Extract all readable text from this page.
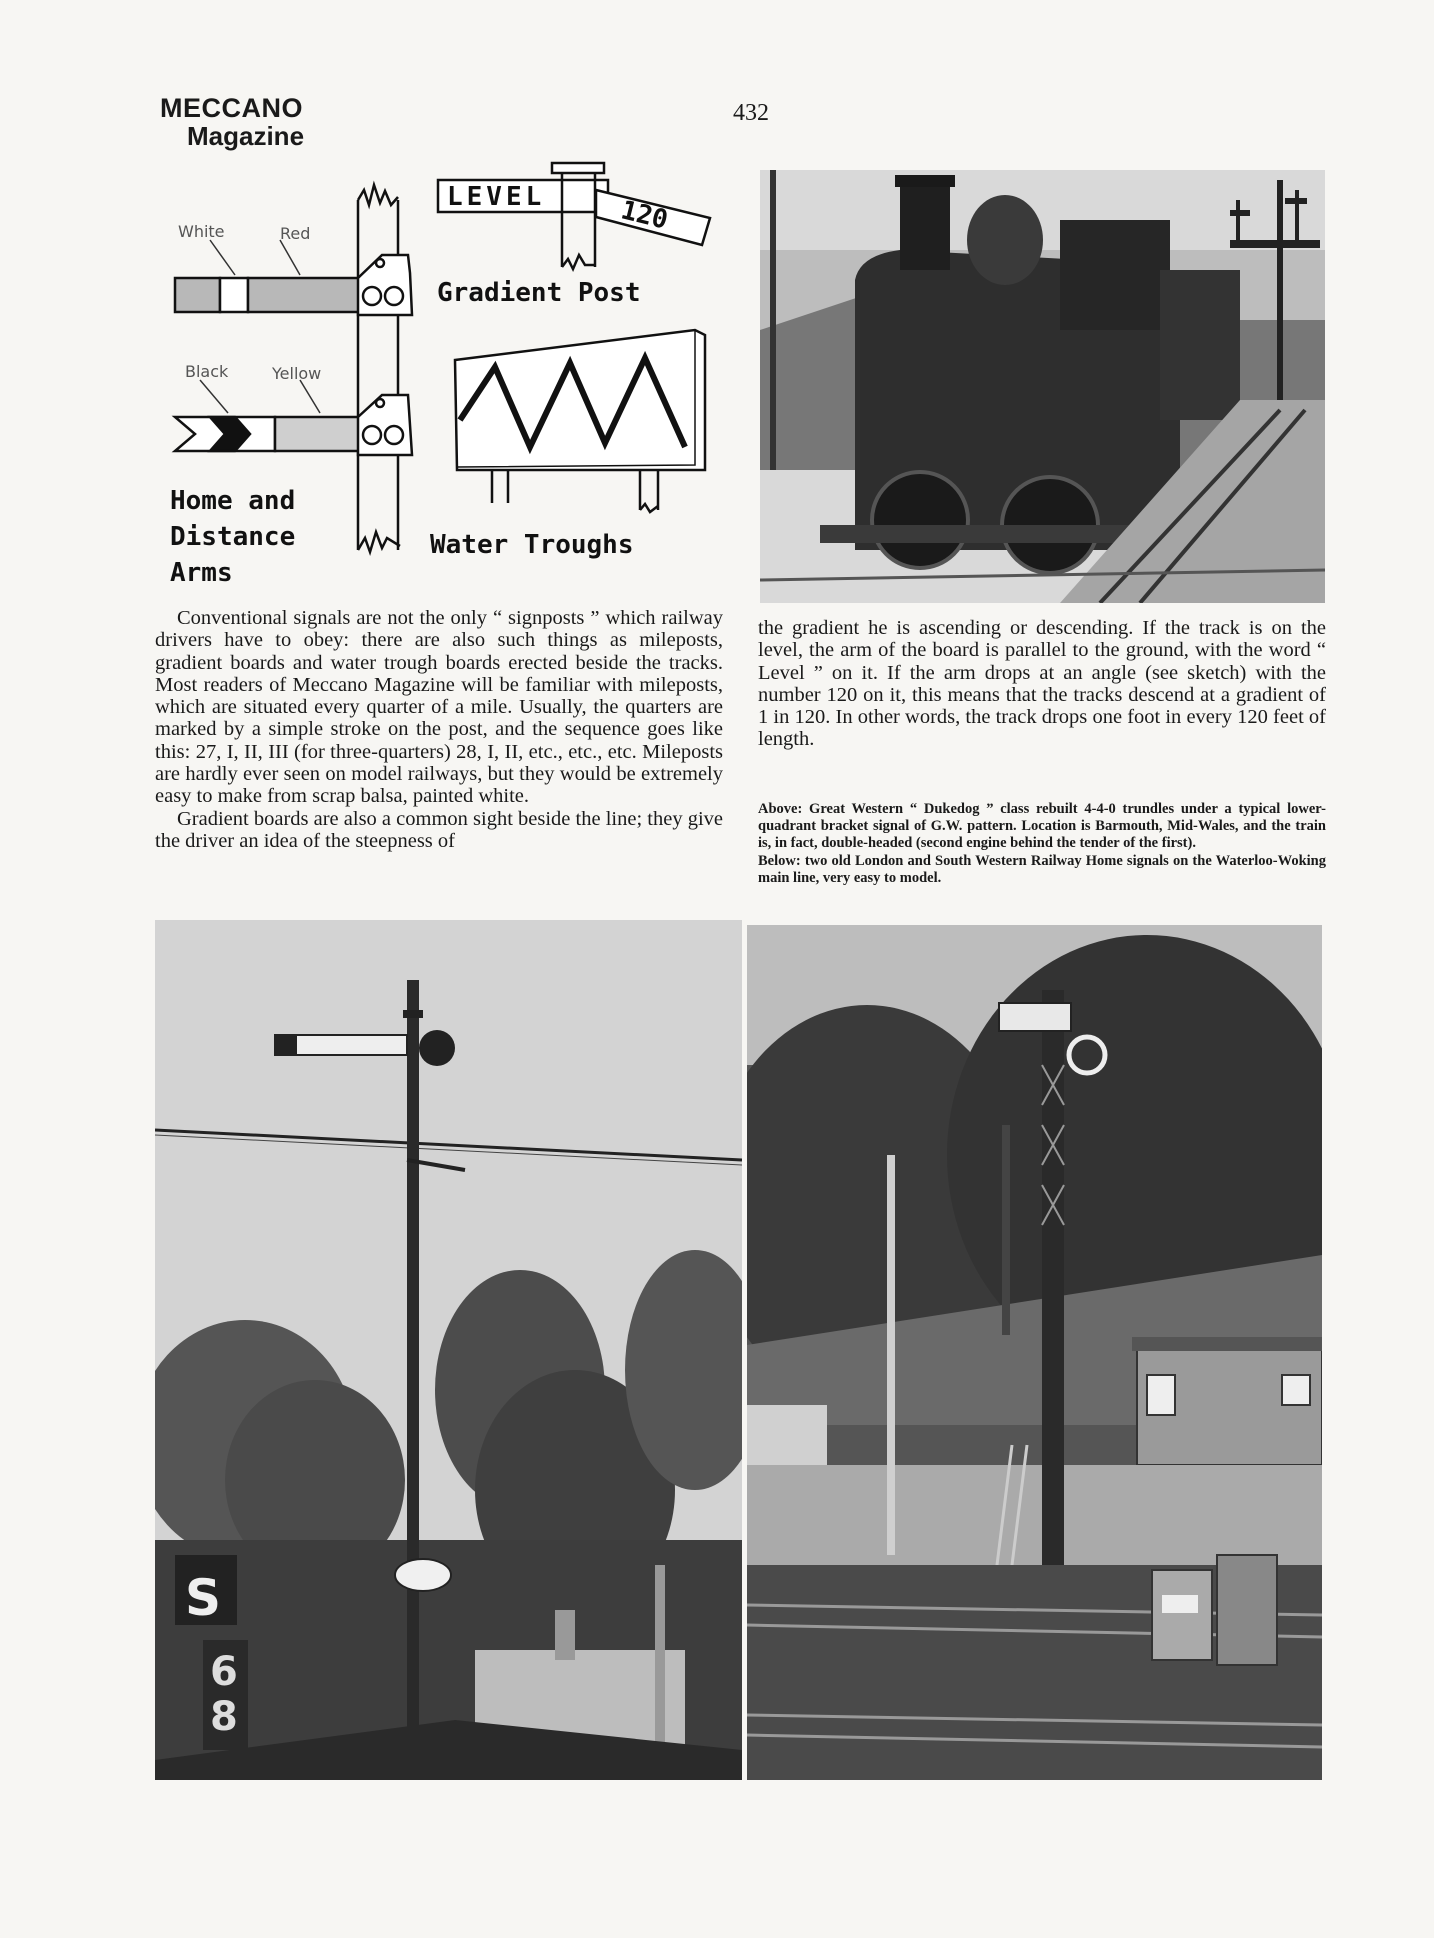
MECCANO
Magazine
432
White	Red
Black	Yellow
Home and
Distance
Arms
LEVEL	120
Gradient Post
Water Troughs

Conventional signals are not the only “ signposts ” which railway drivers have to obey: there are also such things as mileposts, gradient boards and water trough boards erected beside the tracks. Most readers of Meccano Magazine will be familiar with mileposts, which are situated every quarter of a mile. Usually, the quarters are marked by a simple stroke on the post, and the sequence goes like this: 27, I, II, III (for three-quarters) 28, I, II, etc., etc., etc. Mileposts are hardly ever seen on model railways, but they would be extremely easy to make from scrap balsa, painted white.

Gradient boards are also a common sight beside the line; they give the driver an idea of the steepness of

the gradient he is ascending or descending. If the track is on the level, the arm of the board is parallel to the ground, with the word “ Level ” on it. If the arm drops at an angle (see sketch) with the number 120 on it, this means that the tracks descend at a gradient of 1 in 120. In other words, the track drops one foot in every 120 feet of length.

Above: Great Western “ Dukedog ” class rebuilt 4-4-0 trundles under a typical lower-quadrant bracket signal of G.W. pattern. Location is Barmouth, Mid-Wales, and the train is, in fact, double-headed (second engine behind the tender of the first).

Below: two old London and South Western Railway Home signals on the Waterloo-Woking main line, very easy to model.

S
6
8
